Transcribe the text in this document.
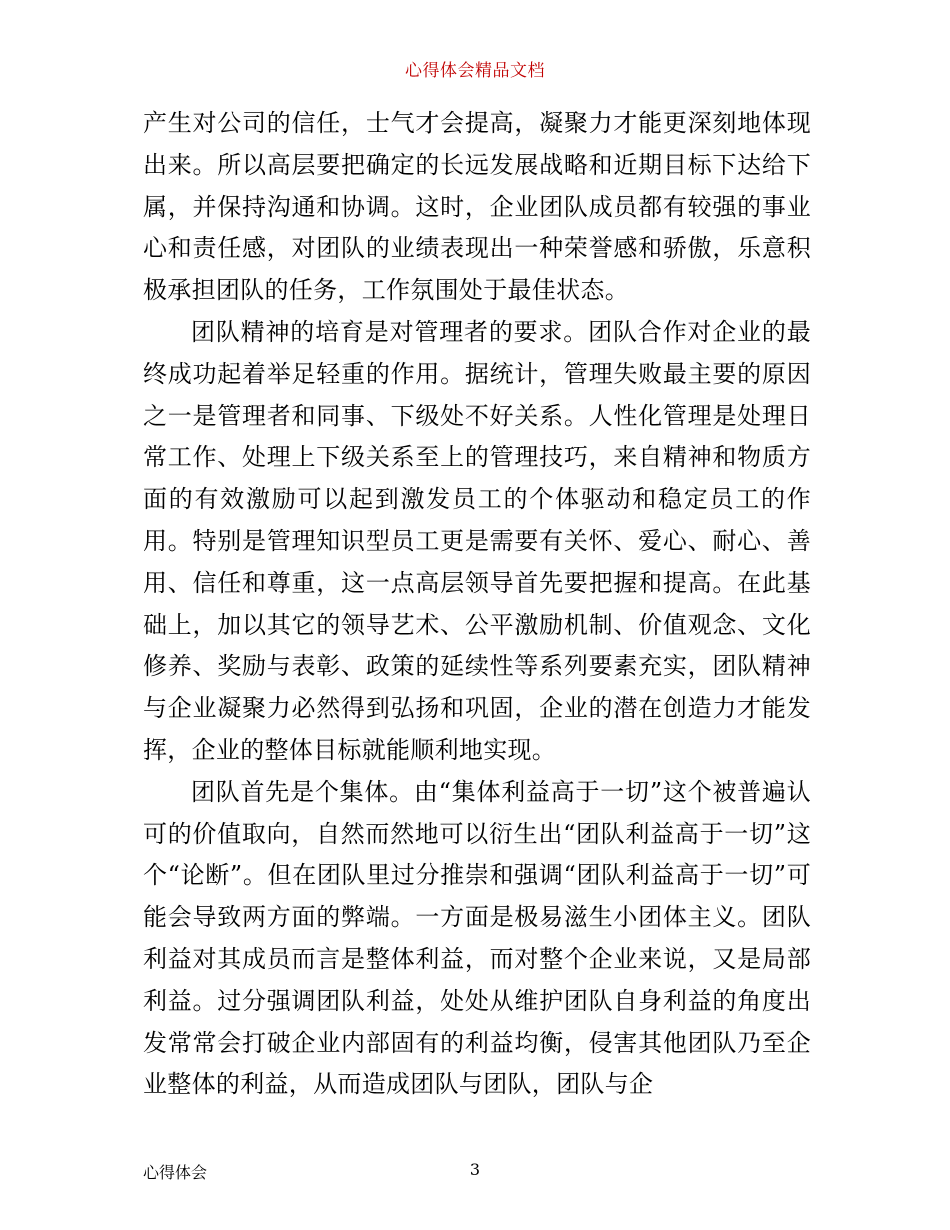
心得体会精品文档

产生对公司的信任，士气才会提高，凝聚力才能更深刻地体现出来。所以高层要把确定的长远发展战略和近期目标下达给下属，并保持沟通和协调。这时，企业团队成员都有较强的事业心和责任感，对团队的业绩表现出一种荣誉感和骄傲，乐意积极承担团队的任务，工作氛围处于最佳状态。

团队精神的培育是对管理者的要求。团队合作对企业的最终成功起着举足轻重的作用。据统计，管理失败最主要的原因之一是管理者和同事、下级处不好关系。人性化管理是处理日常工作、处理上下级关系至上的管理技巧，来自精神和物质方面的有效激励可以起到激发员工的个体驱动和稳定员工的作用。特别是管理知识型员工更是需要有关怀、爱心、耐心、善用、信任和尊重，这一点高层领导首先要把握和提高。在此基础上，加以其它的领导艺术、公平激励机制、价值观念、文化修养、奖励与表彰、政策的延续性等系列要素充实，团队精神与企业凝聚力必然得到弘扬和巩固，企业的潜在创造力才能发挥，企业的整体目标就能顺利地实现。

团队首先是个集体。由“集体利益高于一切”这个被普遍认可的价值取向，自然而然地可以衍生出“团队利益高于一切”这个“论断”。但在团队里过分推崇和强调“团队利益高于一切”可能会导致两方面的弊端。一方面是极易滋生小团体主义。团队利益对其成员而言是整体利益，而对整个企业来说，又是局部利益。过分强调团队利益，处处从维护团队自身利益的角度出发常常会打破企业内部固有的利益均衡，侵害其他团队乃至企业整体的利益，从而造成团队与团队，团队与企

心得体会	3
